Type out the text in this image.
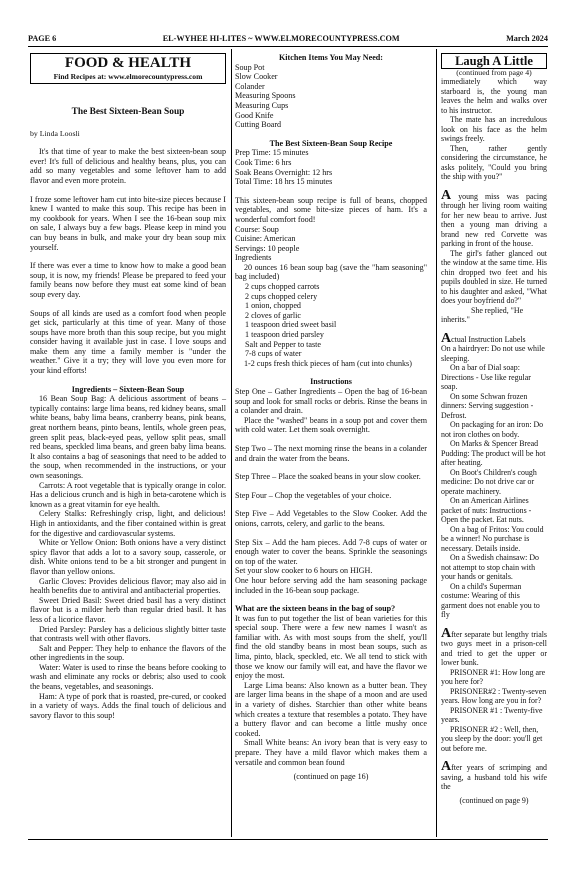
PAGE 6	EL-WYHEE HI-LITES ~ WWW.ELMORECOUNTYPRESS.COM	March 2024
FOOD & HEALTH
Find Recipes at: www.elmorecountypress.com
The Best Sixteen-Bean Soup
by Linda Loosli

It's that time of year to make the best sixteen-bean soup ever! It's full of delicious and healthy beans, plus, you can add so many vegetables and some leftover ham to add flavor and even more protein.

I froze some leftover ham cut into bite-size pieces because I knew I wanted to make this soup. This recipe has been in my cookbook for years. When I see the 16-bean soup mix on sale, I always buy a few bags. Please keep in mind you can buy beans in bulk, and make your dry bean soup mix yourself.

If there was ever a time to know how to make a good bean soup, it is now, my friends! Please be prepared to feed your family beans now before they must eat some kind of bean soup every day.

Soups of all kinds are used as a comfort food when people get sick, particularly at this time of year. Many of those soups have more broth than this soup recipe, but you might consider having it available just in case. I love soups and make them any time a family member is "under the weather." Give it a try; they will love you even more for your kind efforts!

Ingredients – Sixteen-Bean Soup

16 Bean Soup Bag: A delicious assortment of beans – typically contains: large lima beans, red kidney beans, small white beans, baby lima beans, cranberry beans, pink beans, great northern beans, pinto beans, lentils, whole green peas, green split peas, black-eyed peas, yellow split peas, small red beans, speckled lima beans, and green baby lima beans. It also contains a bag of seasonings that need to be added to the soup, when recommended in the instructions, or your own seasonings.

Carrots: A root vegetable that is typically orange in color. Has a delicious crunch and is high in beta-carotene which is known as a great vitamin for eye health.

Celery Stalks: Refreshingly crisp, light, and delicious! High in antioxidants, and the fiber contained within is great for the digestive and cardiovascular systems.

White or Yellow Onion: Both onions have a very distinct spicy flavor that adds a lot to a savory soup, casserole, or dish. White onions tend to be a bit stronger and pungent in flavor than yellow onions.

Garlic Cloves: Provides delicious flavor; may also aid in health benefits due to antiviral and antibacterial properties.

Sweet Dried Basil: Sweet dried basil has a very distinct flavor but is a milder herb than regular dried basil. It has less of a licorice flavor.

Dried Parsley: Parsley has a delicious slightly bitter taste that contrasts well with other flavors.

Salt and Pepper: They help to enhance the flavors of the other ingredients in the soup.

Water: Water is used to rinse the beans before cooking to wash and eliminate any rocks or debris; also used to cook the beans, vegetables, and seasonings.

Ham: A type of pork that is roasted, pre-cured, or cooked in a variety of ways. Adds the final touch of delicious and savory flavor to this soup!

Kitchen Items You May Need:

Soup Pot

Slow Cooker

Colander

Measuring Spoons

Measuring Cups

Good Knife

Cutting Board

The Best Sixteen-Bean Soup Recipe

Prep Time: 15 minutes

Cook Time: 6 hrs

Soak Beans Overnight: 12 hrs

Total Time: 18 hrs 15 minutes

This sixteen-bean soup recipe is full of beans, chopped vegetables, and some bite-size pieces of ham. It's a wonderful comfort food!

Course: Soup

Cuisine: American

Servings: 10 people

Ingredients

20 ounces 16 bean soup bag (save the "ham seasoning" bag included)

2 cups chopped carrots

2 cups chopped celery

1 onion, chopped

2 cloves of garlic

1 teaspoon dried sweet basil

1 teaspoon dried parsley

Salt and Pepper to taste

7-8 cups of water

1-2 cups fresh thick pieces of ham (cut into chunks)

Instructions

Step One – Gather Ingredients – Open the bag of 16-bean soup and look for small rocks or debris. Rinse the beans in a colander and drain.

Place the "washed" beans in a soup pot and cover them with cold water. Let them soak overnight.

Step Two – The next morning rinse the beans in a colander and drain the water from the beans.

Step Three – Place the soaked beans in your slow cooker.

Step Four – Chop the vegetables of your choice.

Step Five – Add Vegetables to the Slow Cooker. Add the onions, carrots, celery, and garlic to the beans.

Step Six – Add the ham pieces. Add 7-8 cups of water or enough water to cover the beans. Sprinkle the seasonings on top of the water.

Set your slow cooker to 6 hours on HIGH.

One hour before serving add the ham seasoning package included in the 16-bean soup package.

What are the sixteen beans in the bag of soup?

It was fun to put together the list of bean varieties for this special soup. There were a few new names I wasn't as familiar with. As with most soups from the shelf, you'll find the old standby beans in most bean soups, such as lima, pinto, black, speckled, etc. We all tend to stick with those we know our family will eat, and have the flavor we enjoy the most.

Large Lima beans: Also known as a butter bean. They are larger lima beans in the shape of a moon and are used in a variety of dishes. Starchier than other white beans which creates a texture that resembles a potato. They have a buttery flavor and can become a little mushy once cooked.

Small White beans: An ivory bean that is very easy to prepare. They have a mild flavor which makes them a versatile and common bean found

(continued on page 16)

Laugh A Little

(continued from page 4)

immediately which way starboard is, the young man leaves the helm and walks over to his instructor.

The mate has an incredulous look on his face as the helm swings freely.

Then, rather gently considering the circumstance, he asks politely, "Could you bring the ship with you?"

A young miss was pacing through her living room waiting for her new beau to arrive. Just then a young man driving a brand new red Corvette was parking in front of the house.

The girl's father glanced out the window at the same time. His chin dropped two feet and his pupils doubled in size. He turned to his daughter and asked, "What does your boyfriend do?"

She replied, "He inherits."

Actual Instruction Labels

On a hairdryer: Do not use while sleeping.

On a bar of Dial soap: Directions - Use like regular soap.

On some Schwan frozen dinners: Serving suggestion - Defrost.

On packaging for an iron: Do not iron clothes on body.

On Marks & Spencer Bread Pudding: The product will be hot after heating.

On Boot's Children's cough medicine: Do not drive car or operate machinery.

On an American Airlines packet of nuts: Instructions - Open the packet. Eat nuts.

On a bag of Fritos: You could be a winner! No purchase is necessary. Details inside.

On a Swedish chainsaw: Do not attempt to stop chain with your hands or genitals.

On a child's Superman costume: Wearing of this garment does not enable you to fly

After separate but lengthy trials two guys meet in a prison-cell and tried to get the upper or lower bunk.

PRISONER #1: How long are you here for?

PRISONER#2 : Twenty-seven years. How long are you in for?

PRISONER #1 : Twenty-five years.

PRISONER #2 : Well, then, you sleep by the door: you'll get out before me.

After years of scrimping and saving, a husband told his wife the

(continued on page 9)
